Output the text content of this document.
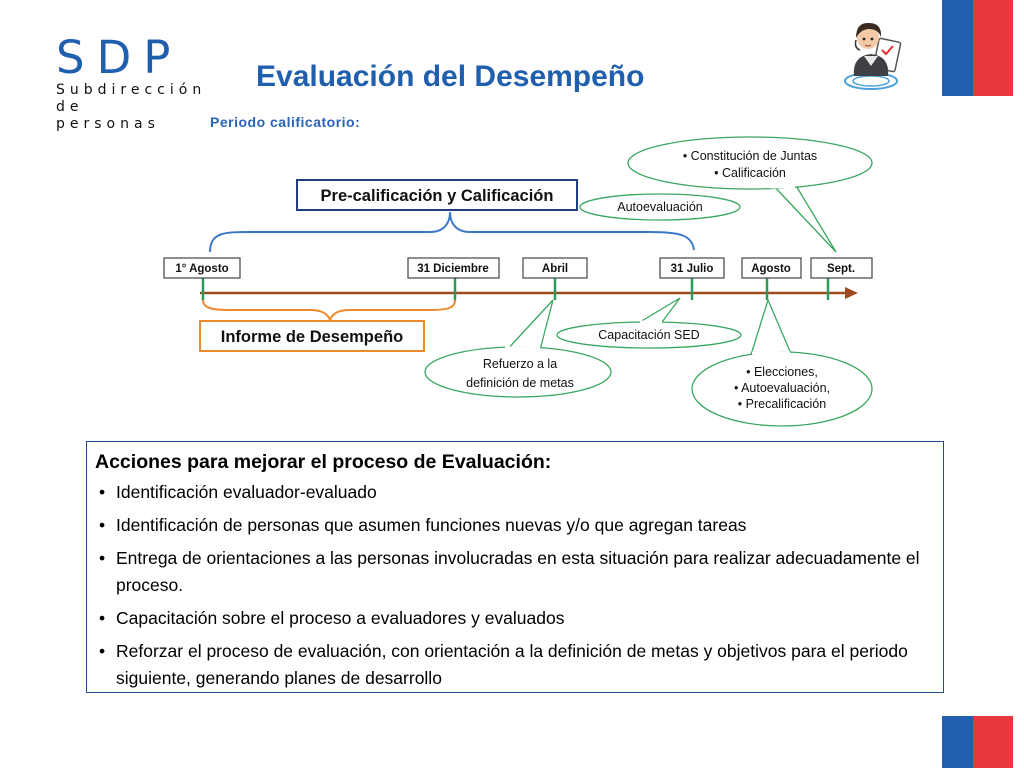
SDP
Subdirección
de personas
Evaluación del Desempeño
Periodo calificatorio:
Pre-calificación y Calificación
Autoevaluación
• Constitución de Juntas
• Calificación
1° Agosto	31 Diciembre	Abril	31 Julio	Agosto	Sept.
Informe de Desempeño	Capacitación SED
Refuerzo a la
definición de metas
• Elecciones,
• Autoevaluación,
• Precalificación
Acciones para mejorar el proceso de Evaluación:
• Identificación evaluador-evaluado
• Identificación de personas que asumen funciones nuevas y/o que agregan tareas
• Entrega de orientaciones a las personas involucradas en esta situación para realizar adecuadamente el proceso.
• Capacitación sobre el proceso a evaluadores y evaluados
• Reforzar el proceso de evaluación, con orientación a la definición de metas y objetivos para el periodo siguiente, generando planes de desarrollo
